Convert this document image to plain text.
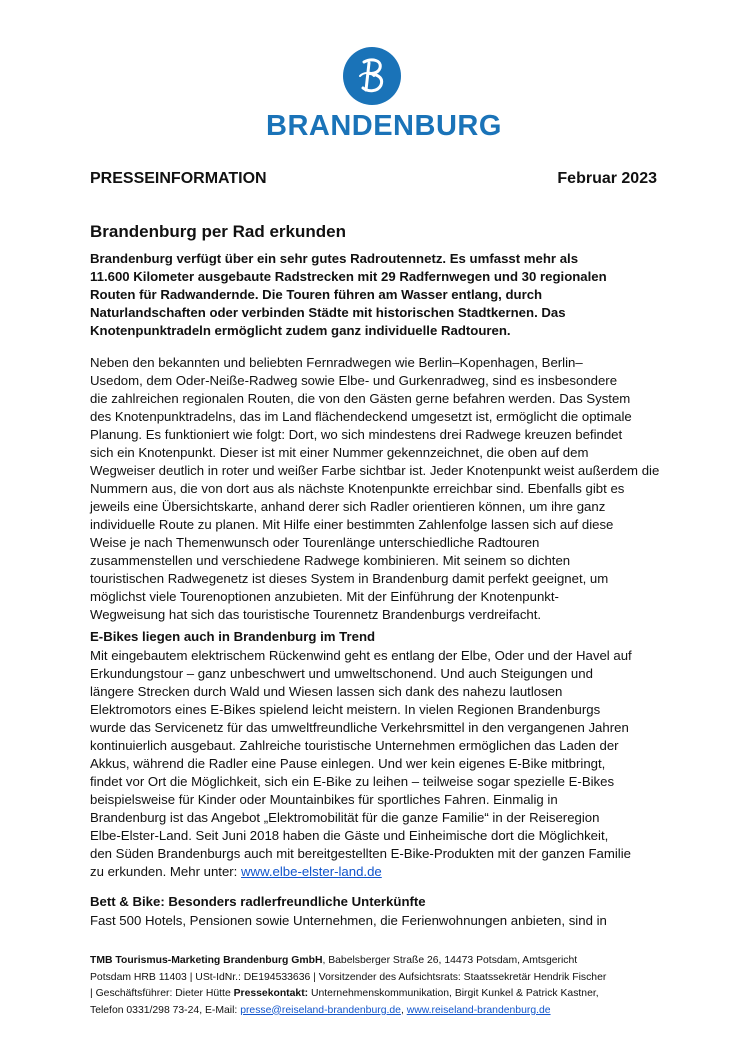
BRANDENBURG
PRESSEINFORMATION	Februar 2023
Brandenburg per Rad erkunden
Brandenburg verfügt über ein sehr gutes Radroutennetz. Es umfasst mehr als
11.600 Kilometer ausgebaute Radstrecken mit 29 Radfernwegen und 30 regionalen
Routen für Radwandernde. Die Touren führen am Wasser entlang, durch
Naturlandschaften oder verbinden Städte mit historischen Stadtkernen. Das
Knotenpunktradeln ermöglicht zudem ganz individuelle Radtouren.

Neben den bekannten und beliebten Fernradwegen wie Berlin–Kopenhagen, Berlin–
Usedom, dem Oder-Neiße-Radweg sowie Elbe- und Gurkenradweg, sind es insbesondere
die zahlreichen regionalen Routen, die von den Gästen gerne befahren werden. Das System
des Knotenpunktradelns, das im Land flächendeckend umgesetzt ist, ermöglicht die optimale
Planung. Es funktioniert wie folgt: Dort, wo sich mindestens drei Radwege kreuzen befindet
sich ein Knotenpunkt. Dieser ist mit einer Nummer gekennzeichnet, die oben auf dem
Wegweiser deutlich in roter und weißer Farbe sichtbar ist. Jeder Knotenpunkt weist außerdem die
Nummern aus, die von dort aus als nächste Knotenpunkte erreichbar sind. Ebenfalls gibt es
jeweils eine Übersichtskarte, anhand derer sich Radler orientieren können, um ihre ganz
individuelle Route zu planen. Mit Hilfe einer bestimmten Zahlenfolge lassen sich auf diese
Weise je nach Themenwunsch oder Tourenlänge unterschiedliche Radtouren
zusammenstellen und verschiedene Radwege kombinieren. Mit seinem so dichten
touristischen Radwegenetz ist dieses System in Brandenburg damit perfekt geeignet, um
möglichst viele Tourenoptionen anzubieten. Mit der Einführung der Knotenpunkt-
Wegweisung hat sich das touristische Tourennetz Brandenburgs verdreifacht.

E-Bikes liegen auch in Brandenburg im Trend

Mit eingebautem elektrischem Rückenwind geht es entlang der Elbe, Oder und der Havel auf
Erkundungstour – ganz unbeschwert und umweltschonend. Und auch Steigungen und
längere Strecken durch Wald und Wiesen lassen sich dank des nahezu lautlosen
Elektromotors eines E-Bikes spielend leicht meistern. In vielen Regionen Brandenburgs
wurde das Servicenetz für das umweltfreundliche Verkehrsmittel in den vergangenen Jahren
kontinuierlich ausgebaut. Zahlreiche touristische Unternehmen ermöglichen das Laden der
Akkus, während die Radler eine Pause einlegen. Und wer kein eigenes E-Bike mitbringt,
findet vor Ort die Möglichkeit, sich ein E-Bike zu leihen – teilweise sogar spezielle E-Bikes
beispielsweise für Kinder oder Mountainbikes für sportliches Fahren. Einmalig in
Brandenburg ist das Angebot „Elektromobilität für die ganze Familie“ in der Reiseregion
Elbe-Elster-Land. Seit Juni 2018 haben die Gäste und Einheimische dort die Möglichkeit,
den Süden Brandenburgs auch mit bereitgestellten E-Bike-Produkten mit der ganzen Familie
zu erkunden. Mehr unter: www.elbe-elster-land.de

Bett & Bike: Besonders radlerfreundliche Unterkünfte

Fast 500 Hotels, Pensionen sowie Unternehmen, die Ferienwohnungen anbieten, sind in

TMB Tourismus-Marketing Brandenburg GmbH, Babelsberger Straße 26, 14473 Potsdam, Amtsgericht
Potsdam HRB 11403 | USt-IdNr.: DE194533636 | Vorsitzender des Aufsichtsrats: Staatssekretär Hendrik Fischer
| Geschäftsführer: Dieter Hütte Pressekontakt: Unternehmenskommunikation, Birgit Kunkel & Patrick Kastner,
Telefon 0331/298 73-24, E-Mail: presse@reiseland-brandenburg.de, www.reiseland-brandenburg.de
